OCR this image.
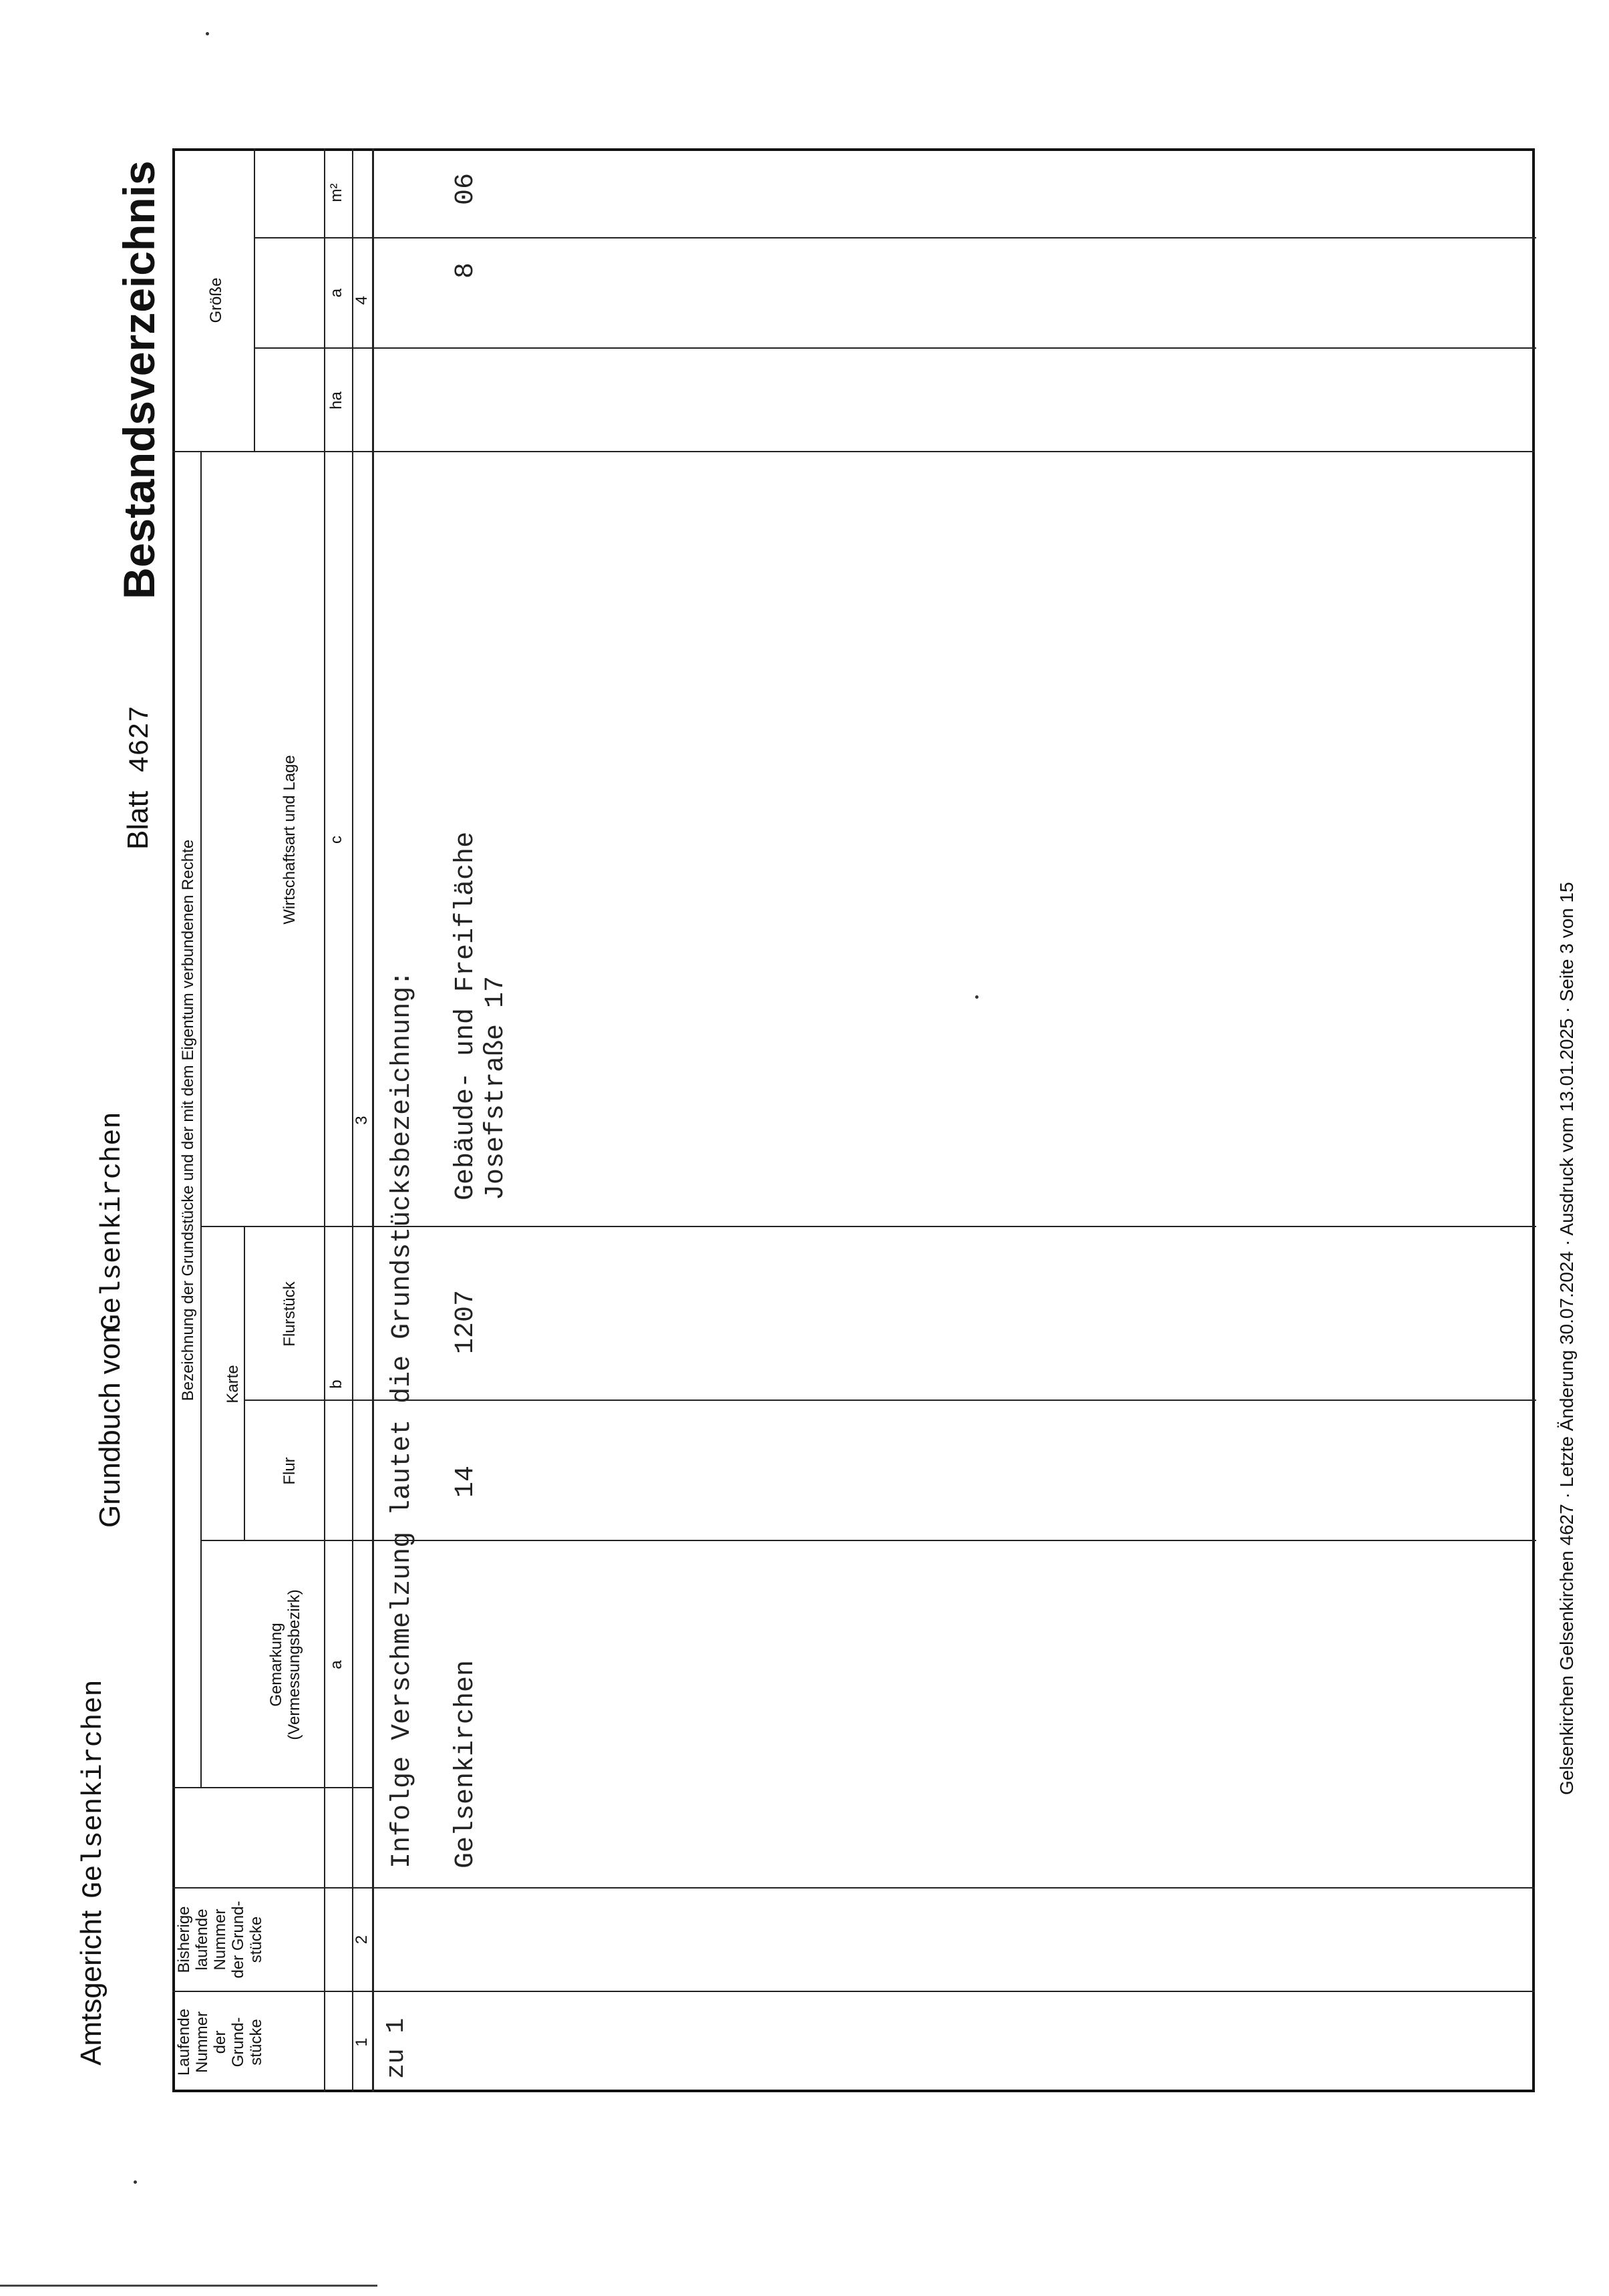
Amtsgericht
Gelsenkirchen
Grundbuch von
Gelsenkirchen
Blatt
4627
Bestandsverzeichnis
Laufende
Nummer
der
Grund-
stücke	1
Bisherige
laufende
Nummer
der Grund-
stücke	2
Bezeichnung der Grundstücke und der mit dem Eigentum verbundenen Rechte
Gemarkung
(Vermessungsbezirk) a
Karte
Flur
Flurstück
b
Wirtschaftsart und Lage c
3
Größe
ha
a
m²
4
zu 1
Infolge Verschmelzung lautet die Grundstücksbezeichnung: Gelsenkirchen
14
1207
Gebäude- und Freifläche Josefstraße 17
8
06
Gelsenkirchen Gelsenkirchen 4627 · Letzte Änderung 30.07.2024 · Ausdruck vom 13.01.2025 · Seite 3 von 15
